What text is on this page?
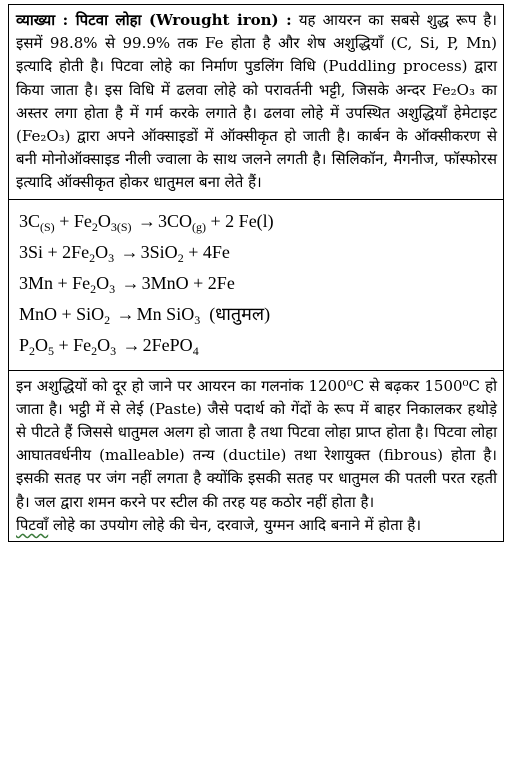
व्याख्या : पिटवा लोहा (Wrought iron) : यह आयरन का सबसे शुद्ध रूप है। इसमें 98.8% से 99.9% तक Fe होता है और शेष अशुद्धियाँ (C, Si, P, Mn) इत्यादि होती है। पिटवा लोहे का निर्माण पुडलिंग विधि (Puddling process) द्वारा किया जाता है। इस विधि में ढलवा लोहे को परावर्तनी भट्टी, जिसके अन्दर Fe₂O₃ का अस्तर लगा होता है में गर्म करके लगाते है। ढलवा लोहे में उपस्थित अशुद्धियाँ हेमेटाइट (Fe₂O₃) द्वारा अपने ऑक्साइडों में ऑक्सीकृत हो जाती है। कार्बन के ऑक्सीकरण से बनी मोनोऑक्साइड नीली ज्वाला के साथ जलने लगती है। सिलिकॉन, मैगनीज, फॉस्फोरस इत्यादि ऑक्सीकृत होकर धातुमल बना लेते हैं।

$3C_{(S)} + Fe_2O_{3(S)} \to 3CO_{(g)} + 2$ Fe(l)
$3Si + 2Fe_2O_3 \to 3SiO_2 + 4Fe$
$3Mn + Fe_2O_3 \to 3MnO + 2Fe$
MnO + SiO$_2$ → Mn SiO$_3$  (धातुमल)
$P_2O_5 + Fe_2O_3$ → 2FePO$_4$

इन अशुद्धियों को दूर हो जाने पर आयरन का गलनांक 1200⁰C से बढ़कर 1500⁰C हो जाता है। भट्ठी में से लेई (Paste) जैसे पदार्थ को गेंदों के रूप में बाहर निकालकर हथोड़े से पीटते हैं जिससे धातुमल अलग हो जाता है तथा पिटवा लोहा प्राप्त होता है। पिटवा लोहा आघातवर्धनीय (malleable) तन्य (ductile) तथा रेशायुक्त (fibrous) होता है। इसकी सतह पर जंग नहीं लगता है क्योंकि इसकी सतह पर धातुमल की पतली परत रहती है। जल द्वारा शमन करने पर स्टील की तरह यह कठोर नहीं होता है।

पिटवाँ लोहे का उपयोग लोहे की चेन, दरवाजे, युग्मन आदि बनाने में होता है।
